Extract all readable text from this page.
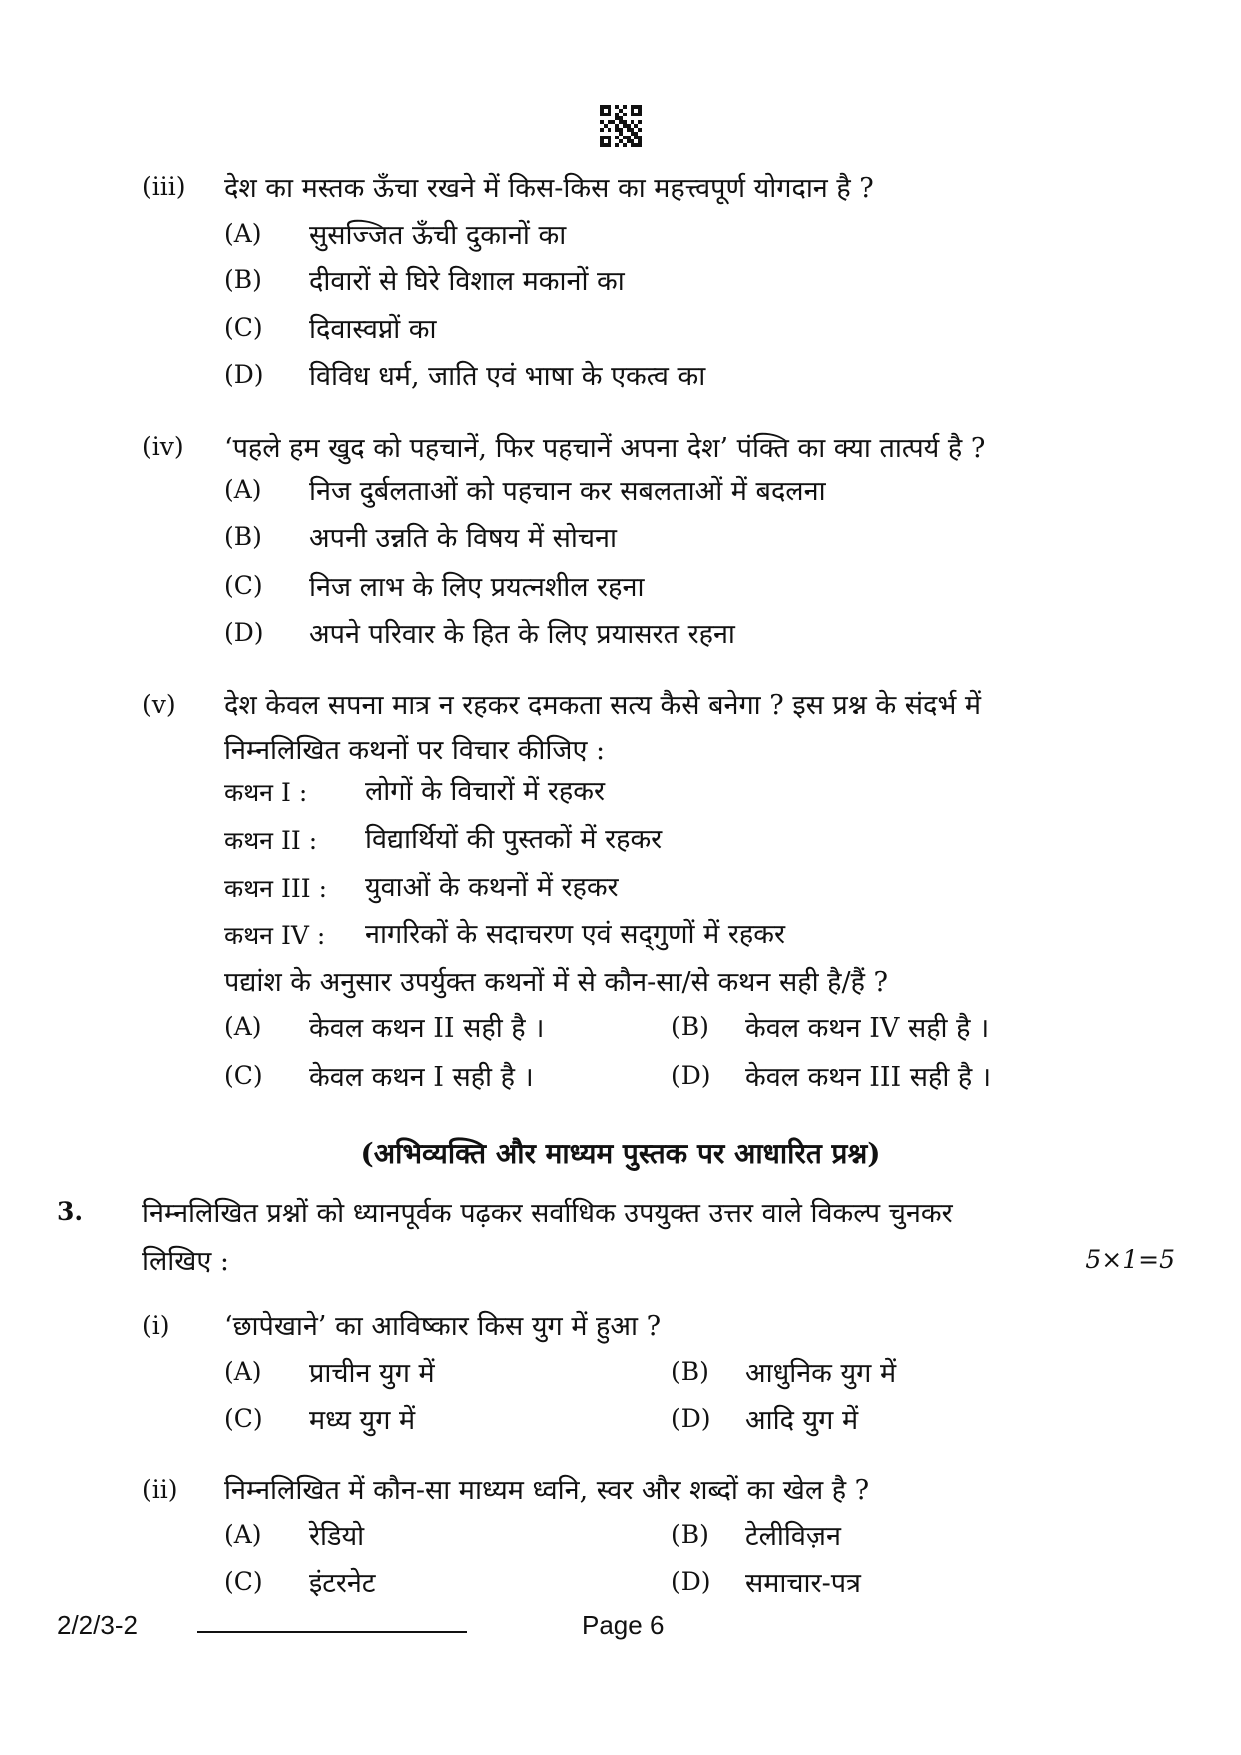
(iii) देश का मस्तक ऊँचा रखने में किस-किस का महत्त्वपूर्ण योगदान है ?
(A) सुसज्जित ऊँची दुकानों का
(B) दीवारों से घिरे विशाल मकानों का
(C) दिवास्वप्नों का
(D) विविध धर्म, जाति एवं भाषा के एकत्व का
(iv) ‘पहले हम खुद को पहचानें, फिर पहचानें अपना देश’ पंक्ति का क्या तात्पर्य है ?
(A) निज दुर्बलताओं को पहचान कर सबलताओं में बदलना
(B) अपनी उन्नति के विषय में सोचना
(C) निज लाभ के लिए प्रयत्नशील रहना
(D) अपने परिवार के हित के लिए प्रयासरत रहना
(v) देश केवल सपना मात्र न रहकर दमकता सत्य कैसे बनेगा ? इस प्रश्न के संदर्भ में
निम्नलिखित कथनों पर विचार कीजिए :
कथन I : लोगों के विचारों में रहकर
कथन II : विद्यार्थियों की पुस्तकों में रहकर
कथन III : युवाओं के कथनों में रहकर
कथन IV : नागरिकों के सदाचरण एवं सद्‌गुणों में रहकर
पद्यांश के अनुसार उपर्युक्त कथनों में से कौन-सा/से कथन सही है/हैं ?
(A) केवल कथन II सही है ।	(B) केवल कथन IV सही है ।
(C) केवल कथन I सही है ।	(D) केवल कथन III सही है ।
(अभिव्यक्ति और माध्यम पुस्तक पर आधारित प्रश्न)
3. निम्नलिखित प्रश्नों को ध्यानपूर्वक पढ़कर सर्वाधिक उपयुक्त उत्तर वाले विकल्प चुनकर
लिखिए :	5×1=5
(i) ‘छापेखाने’ का आविष्कार किस युग में हुआ ?
(A) प्राचीन युग में	(B) आधुनिक युग में
(C) मध्य युग में	(D) आदि युग में
(ii) निम्नलिखित में कौन-सा माध्यम ध्वनि, स्वर और शब्दों का खेल है ?
(A) रेडियो	(B) टेलीविज़न
(C) इंटरनेट	(D) समाचार-पत्र
2/2/3-2	Page 6
